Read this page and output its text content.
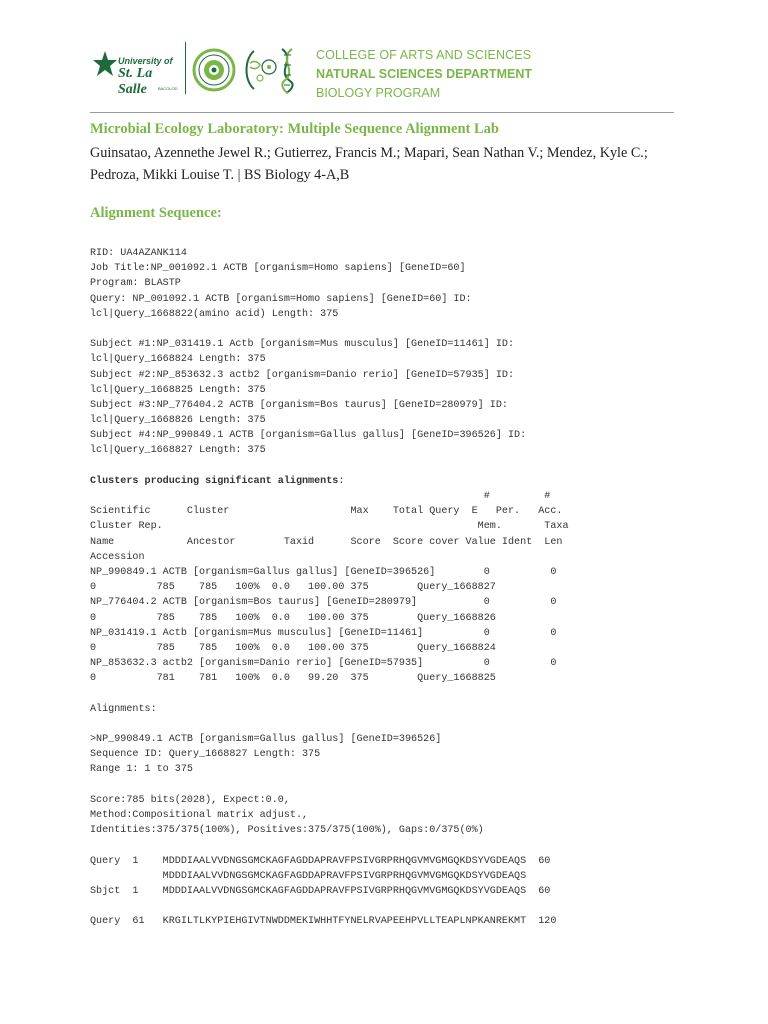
University of
St. La Salle	BACOLOD
COLLEGE OF ARTS AND SCIENCES
NATURAL SCIENCES DEPARTMENT
BIOLOGY PROGRAM
Microbial Ecology Laboratory: Multiple Sequence Alignment Lab
Guinsatao, Azennethe Jewel R.; Gutierrez, Francis M.; Mapari, Sean Nathan V.; Mendez, Kyle C.; Pedroza, Mikki Louise T. | BS Biology 4-A,B
Alignment Sequence:
RID: UA4AZANK114
Job Title:NP_001092.1 ACTB [organism=Homo sapiens] [GeneID=60]
Program: BLASTP
Query: NP_001092.1 ACTB [organism=Homo sapiens] [GeneID=60] ID:
lcl|Query_1668822(amino acid) Length: 375
Subject #1:NP_031419.1 Actb [organism=Mus musculus] [GeneID=11461] ID:
lcl|Query_1668824 Length: 375
Subject #2:NP_853632.3 actb2 [organism=Danio rerio] [GeneID=57935] ID:
lcl|Query_1668825 Length: 375
Subject #3:NP_776404.2 ACTB [organism=Bos taurus] [GeneID=280979] ID:
lcl|Query_1668826 Length: 375
Subject #4:NP_990849.1 ACTB [organism=Gallus gallus] [GeneID=396526] ID:
lcl|Query_1668827 Length: 375
Clusters producing significant alignments:
#         #
Scientific      Cluster                    Max    Total Query  E   Per.   Acc.
Cluster Rep.                                                    Mem.       Taxa
Name            Ancestor        Taxid      Score  Score cover Value Ident  Len
Accession
NP_990849.1 ACTB [organism=Gallus gallus] [GeneID=396526]        0          0
0          785    785   100%  0.0   100.00 375        Query_1668827
NP_776404.2 ACTB [organism=Bos taurus] [GeneID=280979]           0          0
0          785    785   100%  0.0   100.00 375        Query_1668826
NP_031419.1 Actb [organism=Mus musculus] [GeneID=11461]          0          0
0          785    785   100%  0.0   100.00 375        Query_1668824
NP_853632.3 actb2 [organism=Danio rerio] [GeneID=57935]          0          0
0          781    781   100%  0.0   99.20  375        Query_1668825
Alignments:
>NP_990849.1 ACTB [organism=Gallus gallus] [GeneID=396526]
Sequence ID: Query_1668827 Length: 375
Range 1: 1 to 375
Score:785 bits(2028), Expect:0.0,
Method:Compositional matrix adjust.,
Identities:375/375(100%), Positives:375/375(100%), Gaps:0/375(0%)
Query  1    MDDDIAALVVDNGSGMCKAGFAGDDAPRAVFPSIVGRPRHQGVMVGMGQKDSYVGDEAQS  60
MDDDIAALVVDNGSGMCKAGFAGDDAPRAVFPSIVGRPRHQGVMVGMGQKDSYVGDEAQS
Sbjct  1    MDDDIAALVVDNGSGMCKAGFAGDDAPRAVFPSIVGRPRHQGVMVGMGQKDSYVGDEAQS  60
Query  61   KRGILTLKYPIEHGIVTNWDDMEKIWHHTFYNELRVAPEEHPVLLTEAPLNPKANREKMT  120
